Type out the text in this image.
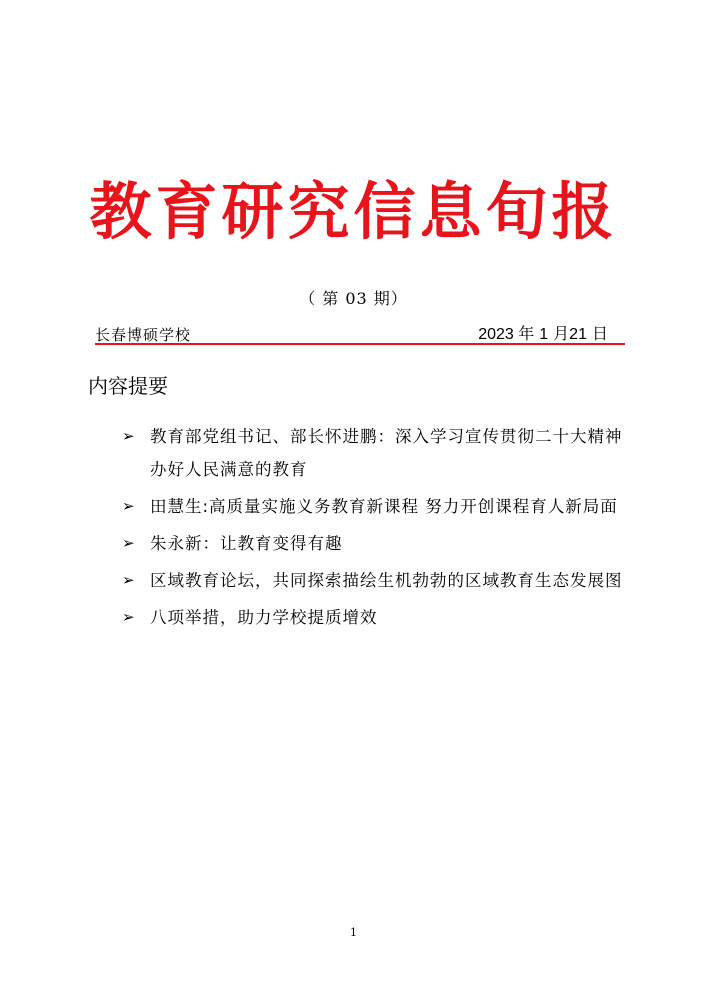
教育研究信息旬报
（ 第 03 期）
长春博硕学校	2023 年 1 月21 日
内容提要
➢ 教育部党组书记、部长怀进鹏：深入学习宣传贯彻二十大精神 办好人民满意的教育
➢ 田慧生:高质量实施义务教育新课程 努力开创课程育人新局面
➢ 朱永新：让教育变得有趣
➢ 区域教育论坛，共同探索描绘生机勃勃的区域教育生态发展图
➢ 八项举措，助力学校提质增效
1
